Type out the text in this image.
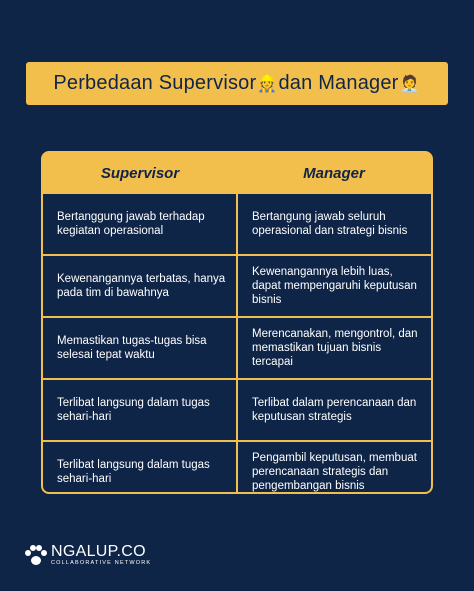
Perbedaan Supervisor 👷 dan Manager 🧑‍💼
Supervisor	Manager
Bertanggung jawab terhadap kegiatan operasional
Bertangung jawab seluruh operasional dan strategi bisnis
Kewenangannya terbatas, hanya pada tim di bawahnya
Kewenangannya lebih luas, dapat mempengaruhi keputusan bisnis
Memastikan tugas-tugas bisa selesai tepat waktu
Merencanakan, mengontrol, dan memastikan tujuan bisnis tercapai
Terlibat langsung dalam tugas sehari-hari
Terlibat dalam perencanaan dan keputusan strategis
Terlibat langsung dalam tugas sehari-hari
Pengambil keputusan, membuat perencanaan strategis dan pengembangan bisnis
NGALUP.CO
COLLABORATIVE NETWORK
